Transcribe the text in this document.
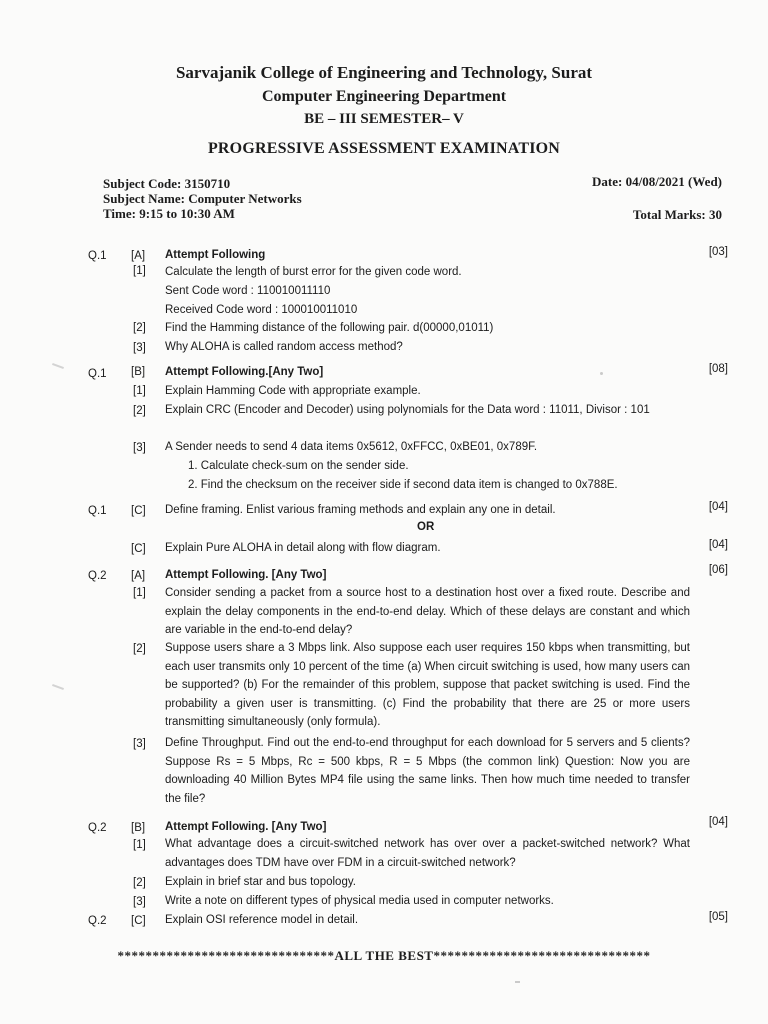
Sarvajanik College of Engineering and Technology, Surat
Computer Engineering Department
BE – III SEMESTER– V
PROGRESSIVE ASSESSMENT EXAMINATION
Subject Code: 3150710
Subject Name: Computer Networks
Time: 9:15 to 10:30 AM
Date: 04/08/2021 (Wed)
Total Marks: 30
Q.1 [A] Attempt Following	[03]
[1] Calculate the length of burst error for the given code word.
Sent Code word : 110010011110
Received Code word : 100010011010
[2] Find the Hamming distance of the following pair. d(00000,01011)
[3] Why ALOHA is called random access method?
Q.1 [B] Attempt Following.[Any Two]	[08]
[1] Explain Hamming Code with appropriate example.
[2] Explain CRC (Encoder and Decoder) using polynomials for the Data word : 11011, Divisor : 101
[3] A Sender needs to send 4 data items 0x5612, 0xFFCC, 0xBE01, 0x789F.
1. Calculate check-sum on the sender side.
2. Find the checksum on the receiver side if second data item is changed to 0x788E.
Q.1 [C] Define framing. Enlist various framing methods and explain any one in detail.	[04]
OR
[C] Explain Pure ALOHA in detail along with flow diagram.	[04]
Q.2 [A] Attempt Following. [Any Two]	[06]
[1] Consider sending a packet from a source host to a destination host over a fixed route. Describe and explain the delay components in the end-to-end delay. Which of these delays are constant and which are variable in the end-to-end delay?
[2] Suppose users share a 3 Mbps link. Also suppose each user requires 150 kbps when transmitting, but each user transmits only 10 percent of the time (a) When circuit switching is used, how many users can be supported? (b) For the remainder of this problem, suppose that packet switching is used. Find the probability a given user is transmitting. (c) Find the probability that there are 25 or more users transmitting simultaneously (only formula).
[3] Define Throughput. Find out the end-to-end throughput for each download for 5 servers and 5 clients? Suppose Rs = 5 Mbps, Rc = 500 kbps, R = 5 Mbps (the common link) Question: Now you are downloading 40 Million Bytes MP4 file using the same links. Then how much time needed to transfer the file?
Q.2 [B] Attempt Following. [Any Two]	[04]
[1] What advantage does a circuit-switched network has over over a packet-switched network? What advantages does TDM have over FDM in a circuit-switched network?
[2] Explain in brief star and bus topology.
[3] Write a note on different types of physical media used in computer networks.
Q.2 [C] Explain OSI reference model in detail.	[05]
*******************************ALL THE BEST*******************************
